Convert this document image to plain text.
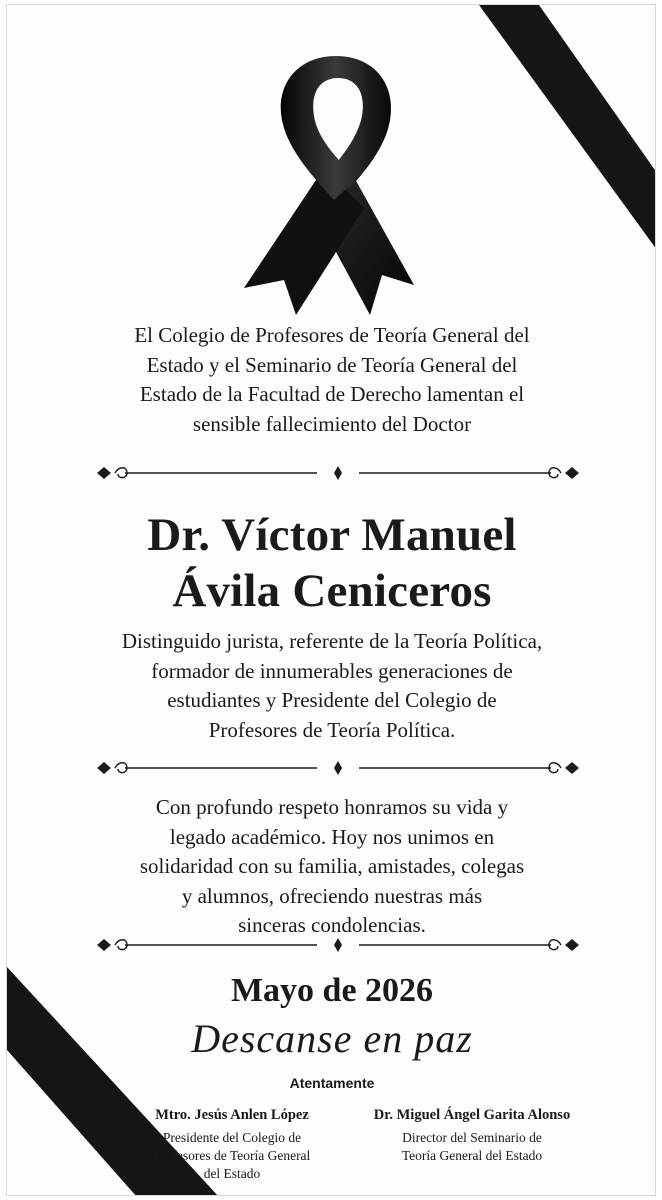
El Colegio de Profesores de Teoría General del
Estado y el Seminario de Teoría General del
Estado de la Facultad de Derecho lamentan el
sensible fallecimiento del Doctor

Dr. Víctor Manuel
Ávila Ceniceros

Distinguido jurista, referente de la Teoría Política,
formador de innumerables generaciones de
estudiantes y Presidente del Colegio de
Profesores de Teoría Política.

Con profundo respeto honramos su vida y
legado académico. Hoy nos unimos en
solidaridad con su familia, amistades, colegas
y alumnos, ofreciendo nuestras más
sinceras condolencias.

Mayo de 2026

Descanse en paz

Atentamente

Mtro. Jesús Anlen López

Presidente del Colegio de
Profesores de Teoría General
del Estado

Dr. Miguel Ángel Garita Alonso

Director del Seminario de
Teoría General del Estado
